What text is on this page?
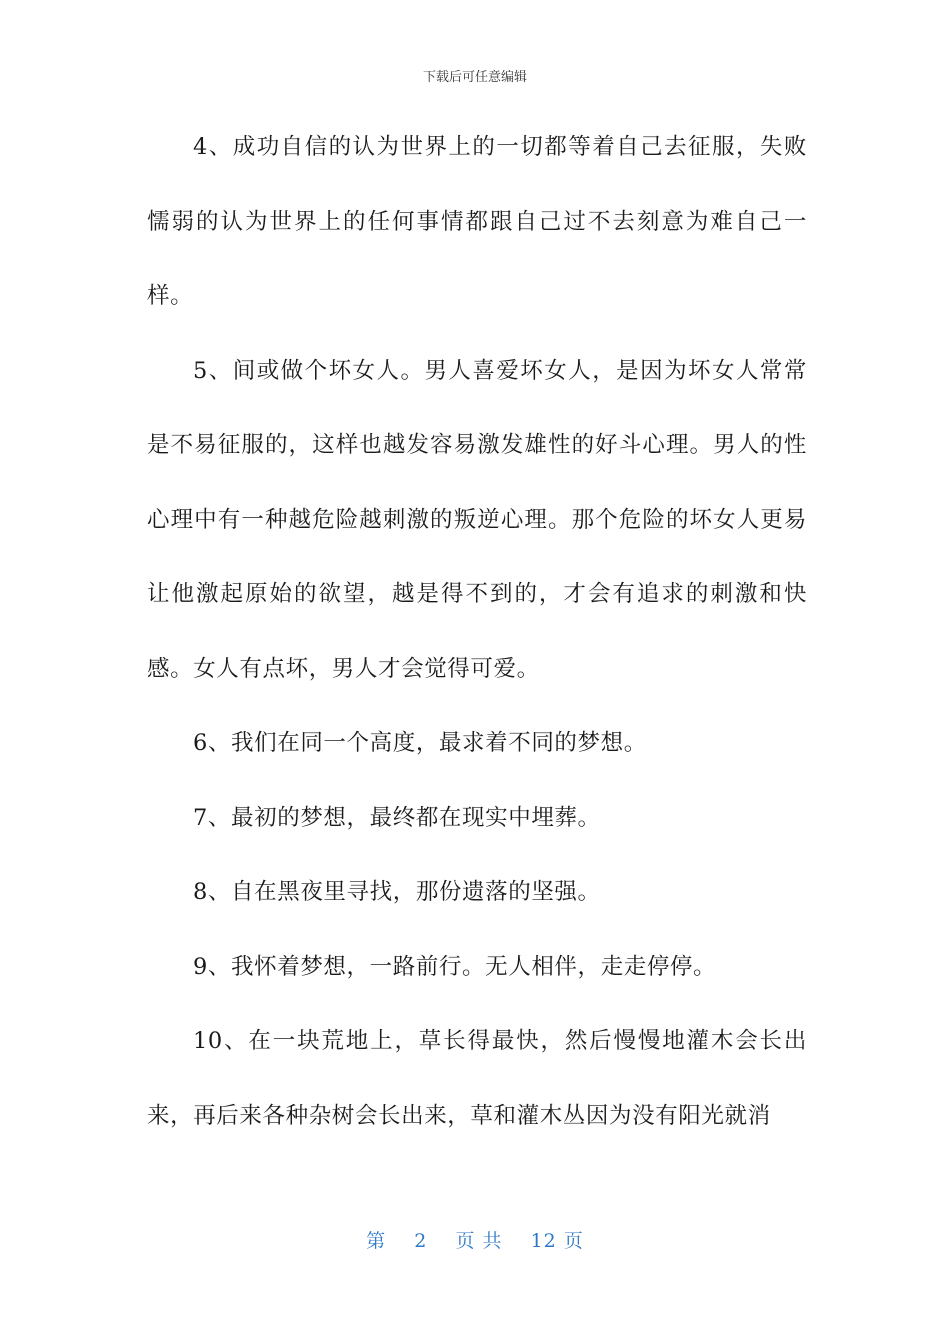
下载后可任意编辑

4、成功自信的认为世界上的一切都等着自己去征服，失败懦弱的认为世界上的任何事情都跟自己过不去刻意为难自己一样。

5、间或做个坏女人。男人喜爱坏女人，是因为坏女人常常是不易征服的，这样也越发容易激发雄性的好斗心理。男人的性心理中有一种越危险越刺激的叛逆心理。那个危险的坏女人更易让他激起原始的欲望，越是得不到的，才会有追求的刺激和快感。女人有点坏，男人才会觉得可爱。

6、我们在同一个高度，最求着不同的梦想。

7、最初的梦想，最终都在现实中埋葬。

8、自在黑夜里寻找，那份遗落的坚强。

9、我怀着梦想，一路前行。无人相伴，走走停停。

10、在一块荒地上，草长得最快，然后慢慢地灌木会长出来，再后来各种杂树会长出来，草和灌木丛因为没有阳光就消

第 2 页 共 12 页
